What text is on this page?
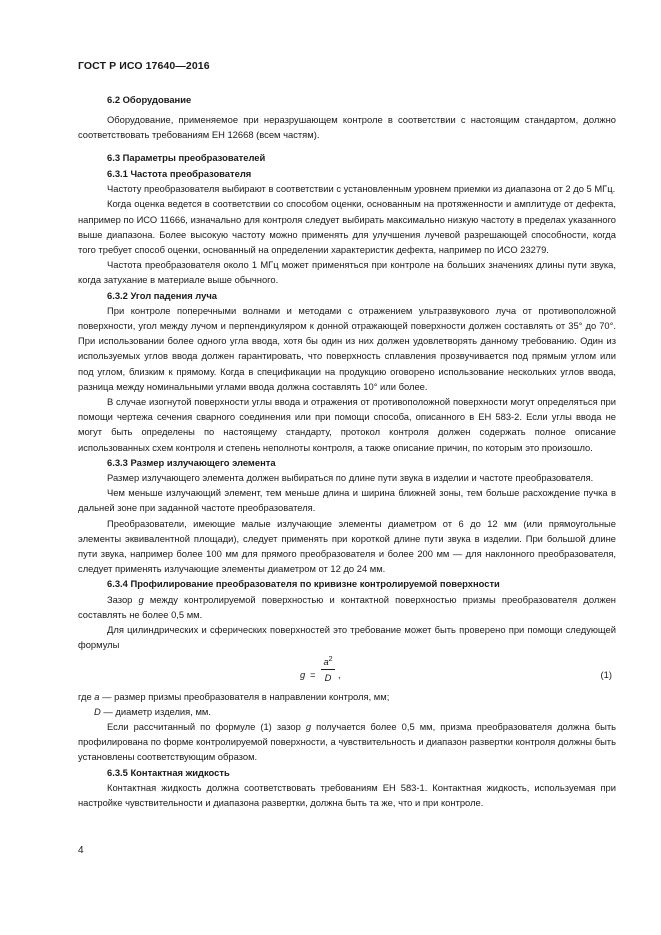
ГОСТ Р ИСО 17640—2016

6.2 Оборудование

Оборудование, применяемое при неразрушающем контроле в соответствии с настоящим стандартом, должно соответствовать требованиям ЕН 12668 (всем частям).

6.3 Параметры преобразователей

6.3.1 Частота преобразователя

Частоту преобразователя выбирают в соответствии с установленным уровнем приемки из диапазона от 2 до 5 МГц.

Когда оценка ведется в соответствии со способом оценки, основанным на протяженности и амплитуде от дефекта, например по ИСО 11666, изначально для контроля следует выбирать максимально низкую частоту в пределах указанного выше диапазона. Более высокую частоту можно применять для улучшения лучевой разрешающей способности, когда того требует способ оценки, основанный на определении характеристик дефекта, например по ИСО 23279.

Частота преобразователя около 1 МГц может применяться при контроле на больших значениях длины пути звука, когда затухание в материале выше обычного.

6.3.2 Угол падения луча

При контроле поперечными волнами и методами с отражением ультразвукового луча от противоположной поверхности, угол между лучом и перпендикуляром к донной отражающей поверхности должен составлять от 35° до 70°. При использовании более одного угла ввода, хотя бы один из них должен удовлетворять данному требованию. Один из используемых углов ввода должен гарантировать, что поверхность сплавления прозвучивается под прямым углом или под углом, близким к прямому. Когда в спецификации на продукцию оговорено использование нескольких углов ввода, разница между номинальными углами ввода должна составлять 10° или более.

В случае изогнутой поверхности углы ввода и отражения от противоположной поверхности могут определяться при помощи чертежа сечения сварного соединения или при помощи способа, описанного в ЕН 583-2. Если углы ввода не могут быть определены по настоящему стандарту, протокол контроля должен содержать полное описание использованных схем контроля и степень неполноты контроля, а также описание причин, по которым это произошло.

6.3.3 Размер излучающего элемента

Размер излучающего элемента должен выбираться по длине пути звука в изделии и частоте преобразователя.

Чем меньше излучающий элемент, тем меньше длина и ширина ближней зоны, тем больше расхождение пучка в дальней зоне при заданной частоте преобразователя.

Преобразователи, имеющие малые излучающие элементы диаметром от 6 до 12 мм (или прямоугольные элементы эквивалентной площади), следует применять при короткой длине пути звука в изделии. При большой длине пути звука, например более 100 мм для прямого преобразователя и более 200 мм — для наклонного преобразователя, следует применять излучающие элементы диаметром от 12 до 24 мм.

6.3.4 Профилирование преобразователя по кривизне контролируемой поверхности

Зазор g между контролируемой поверхностью и контактной поверхностью призмы преобразователя должен составлять не более 0,5 мм.

Для цилиндрических и сферических поверхностей это требование может быть проверено при помощи следующей формулы

g =
$a^2$
D ,	(1)

где a — размер призмы преобразователя в направлении контроля, мм;

D — диаметр изделия, мм.

Если рассчитанный по формуле (1) зазор g получается более 0,5 мм, призма преобразователя должна быть профилирована по форме контролируемой поверхности, а чувствительность и диапазон развертки контроля должны быть установлены соответствующим образом.

6.3.5 Контактная жидкость

Контактная жидкость должна соответствовать требованиям ЕН 583-1. Контактная жидкость, используемая при настройке чувствительности и диапазона развертки, должна быть та же, что и при контроле.

4
